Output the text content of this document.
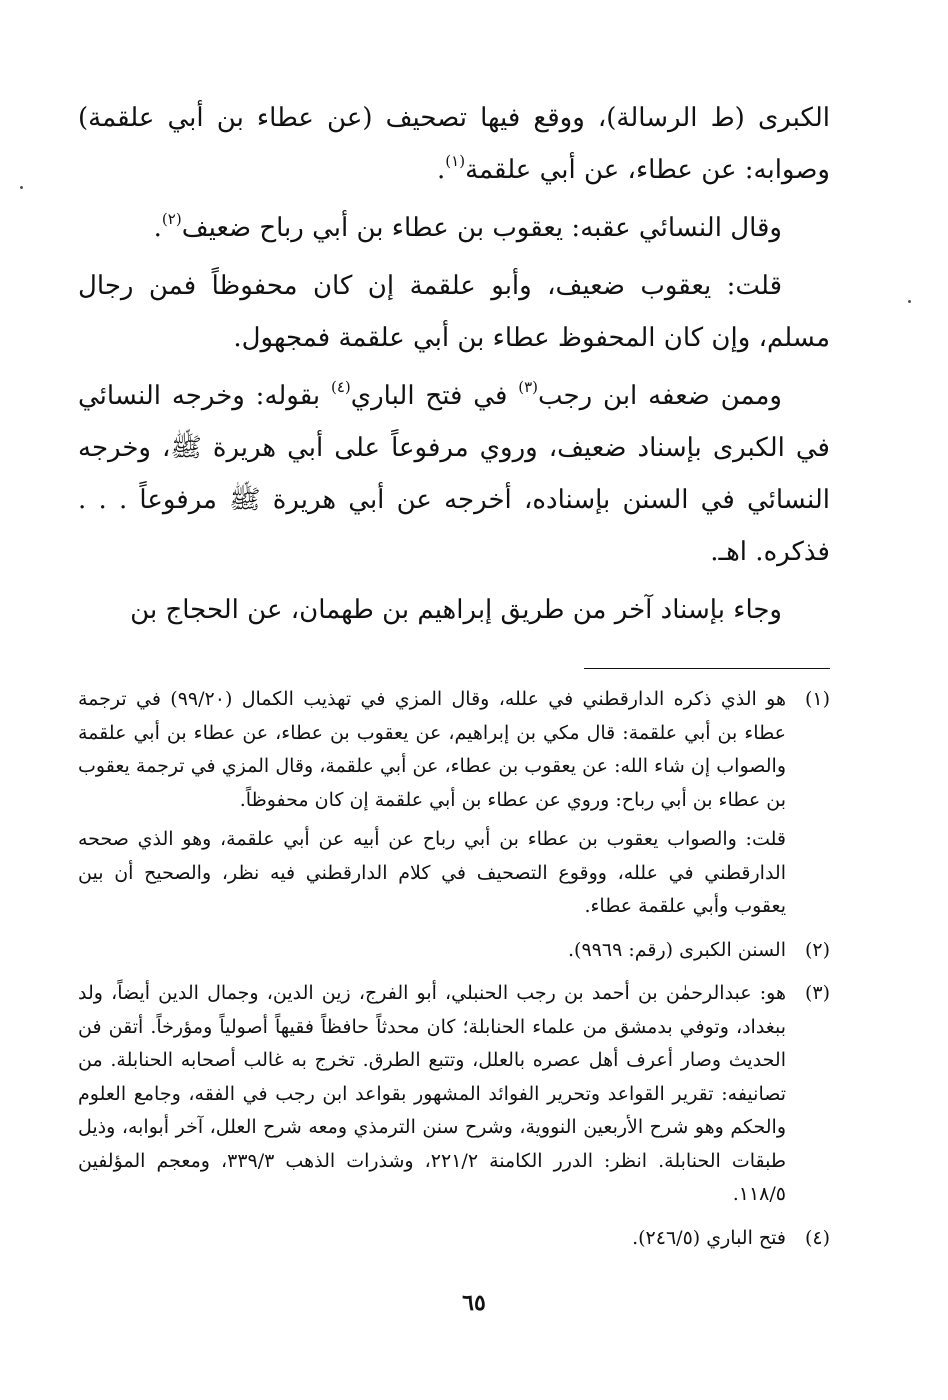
الكبرى (ط الرسالة)، ووقع فيها تصحيف (عن عطاء بن أبي علقمة) وصوابه: عن عطاء، عن أبي علقمة$^{(١)}$.

وقال النسائي عقبه: يعقوب بن عطاء بن أبي رباح ضعيف$^{(٢)}$.

قلت: يعقوب ضعيف، وأبو علقمة إن كان محفوظاً فمن رجال مسلم، وإن كان المحفوظ عطاء بن أبي علقمة فمجهول.

وممن ضعفه ابن رجب$^{(٣)}$ في فتح الباري$^{(٤)}$ بقوله: وخرجه النسائي في الكبرى بإسناد ضعيف، وروي مرفوعاً على أبي هريرة ﷺ، وخرجه النسائي في السنن بإسناده، أخرجه عن أبي هريرة ﷺ مرفوعاً . . . فذكره. اهـ.

وجاء بإسناد آخر من طريق إبراهيم بن طهمان، عن الحجاج بن

(١)

هو الذي ذكره الدارقطني في علله، وقال المزي في تهذيب الكمال (٩٩/٢٠) في ترجمة عطاء بن أبي علقمة: قال مكي بن إبراهيم، عن يعقوب بن عطاء، عن عطاء بن أبي علقمة والصواب إن شاء الله: عن يعقوب بن عطاء، عن أبي علقمة، وقال المزي في ترجمة يعقوب بن عطاء بن أبي رباح: وروي عن عطاء بن أبي علقمة إن كان محفوظاً.

قلت: والصواب يعقوب بن عطاء بن أبي رباح عن أبيه عن أبي علقمة، وهو الذي صححه الدارقطني في علله، ووقوع التصحيف في كلام الدارقطني فيه نظر، والصحيح أن بين يعقوب وأبي علقمة عطاء.

(٢)

السنن الكبرى (رقم: ٩٩٦٩).

(٣)

هو: عبدالرحمٰن بن أحمد بن رجب الحنبلي، أبو الفرج، زين الدين، وجمال الدين أيضاً، ولد ببغداد، وتوفي بدمشق من علماء الحنابلة؛ كان محدثاً حافظاً فقيهاً أصولياً ومؤرخاً. أتقن فن الحديث وصار أعرف أهل عصره بالعلل، وتتبع الطرق. تخرج به غالب أصحابه الحنابلة. من تصانيفه: تقرير القواعد وتحرير الفوائد المشهور بقواعد ابن رجب في الفقه، وجامع العلوم والحكم وهو شرح الأربعين النووية، وشرح سنن الترمذي ومعه شرح العلل، آخر أبوابه، وذيل طبقات الحنابلة. انظر: الدرر الكامنة ٢٢١/٢، وشذرات الذهب ٣٣٩/٣، ومعجم المؤلفين ١١٨/٥.

(٤)

فتح الباري (٢٤٦/٥).

٦٥
